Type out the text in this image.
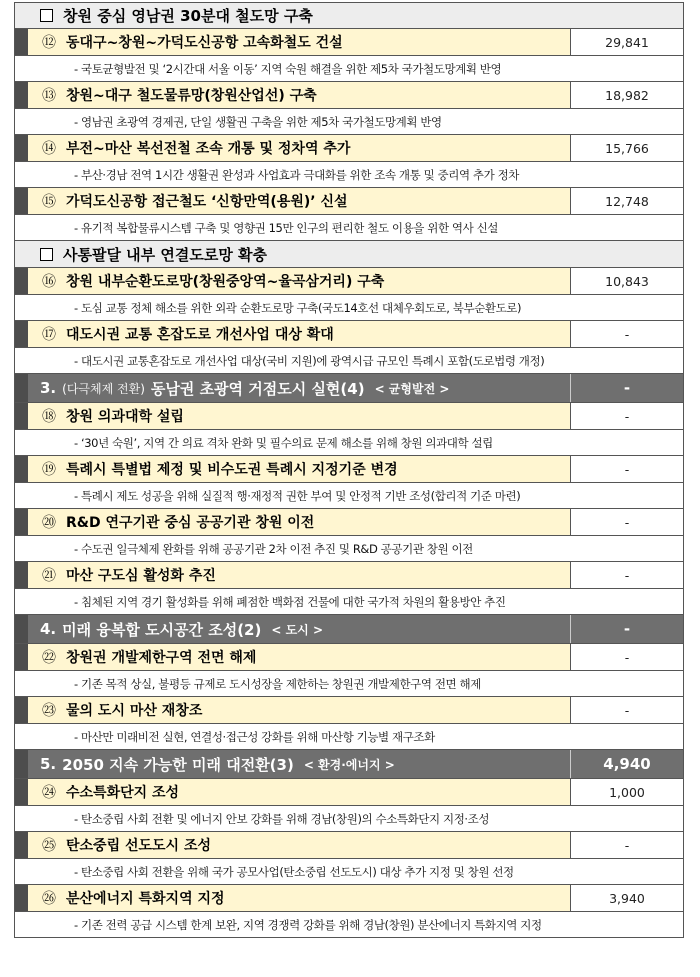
창원 중심 영남권 30분대 철도망 구축
⑫ 동대구~창원~가덕도신공항 고속화철도 건설	29,841
- 국토균형발전 및 ‘2시간대 서울 이동’ 지역 숙원 해결을 위한 제5차 국가철도망계획 반영
⑬ 창원~대구 철도물류망(창원산업선) 구축	18,982
- 영남권 초광역 경제권, 단일 생활권 구축을 위한 제5차 국가철도망계획 반영
⑭ 부전~마산 복선전철 조속 개통 및 정차역 추가	15,766
- 부산·경남 전역 1시간 생활권 완성과 사업효과 극대화를 위한 조속 개통 및 중리역 추가 정차
⑮ 가덕도신공항 접근철도 ‘신항만역(용원)’ 신설	12,748
- 유기적 복합물류시스템 구축 및 영향권 15만 인구의 편리한 철도 이용을 위한 역사 신설
사통팔달 내부 연결도로망 확충
⑯ 창원 내부순환도로망(창원중앙역~율곡삼거리) 구축	10,843
- 도심 교통 정체 해소를 위한 외곽 순환도로망 구축(국도14호선 대체우회도로, 북부순환도로)
⑰ 대도시권 교통 혼잡도로 개선사업 대상 확대	-
- 대도시권 교통혼잡도로 개선사업 대상(국비 지원)에 광역시급 규모인 특례시 포함(도로법령 개정)
3. (다극체제 전환) 동남권 초광역 거점도시 실현(4) < 균형발전 >	-
⑱ 창원 의과대학 설립	-
- ‘30년 숙원’, 지역 간 의료 격차 완화 및 필수의료 문제 해소를 위해 창원 의과대학 설립
⑲ 특례시 특별법 제정 및 비수도권 특례시 지정기준 변경	-
- 특례시 제도 성공을 위해 실질적 행·재정적 권한 부여 및 안정적 기반 조성(합리적 기준 마련)
⑳ R&D 연구기관 중심 공공기관 창원 이전	-
- 수도권 일극체제 완화를 위해 공공기관 2차 이전 추진 및 R&D 공공기관 창원 이전
㉑ 마산 구도심 활성화 추진	-
- 침체된 지역 경기 활성화를 위해 폐점한 백화점 건물에 대한 국가적 차원의 활용방안 추진
4. 미래 융복합 도시공간 조성(2) < 도시 >	-
㉒ 창원권 개발제한구역 전면 해제	-
- 기존 목적 상실, 불평등 규제로 도시성장을 제한하는 창원권 개발제한구역 전면 해제
㉓ 물의 도시 마산 재창조	-
- 마산만 미래비전 실현, 연결성·접근성 강화를 위해 마산항 기능별 재구조화
5. 2050 지속 가능한 미래 대전환(3) < 환경·에너지 >	4,940
㉔ 수소특화단지 조성	1,000
- 탄소중립 사회 전환 및 에너지 안보 강화를 위해 경남(창원)의 수소특화단지 지정·조성
㉕ 탄소중립 선도도시 조성	-
- 탄소중립 사회 전환을 위해 국가 공모사업(탄소중립 선도도시) 대상 추가 지정 및 창원 선정
㉖ 분산에너지 특화지역 지정	3,940
- 기존 전력 공급 시스템 한계 보완, 지역 경쟁력 강화를 위해 경남(창원) 분산에너지 특화지역 지정
